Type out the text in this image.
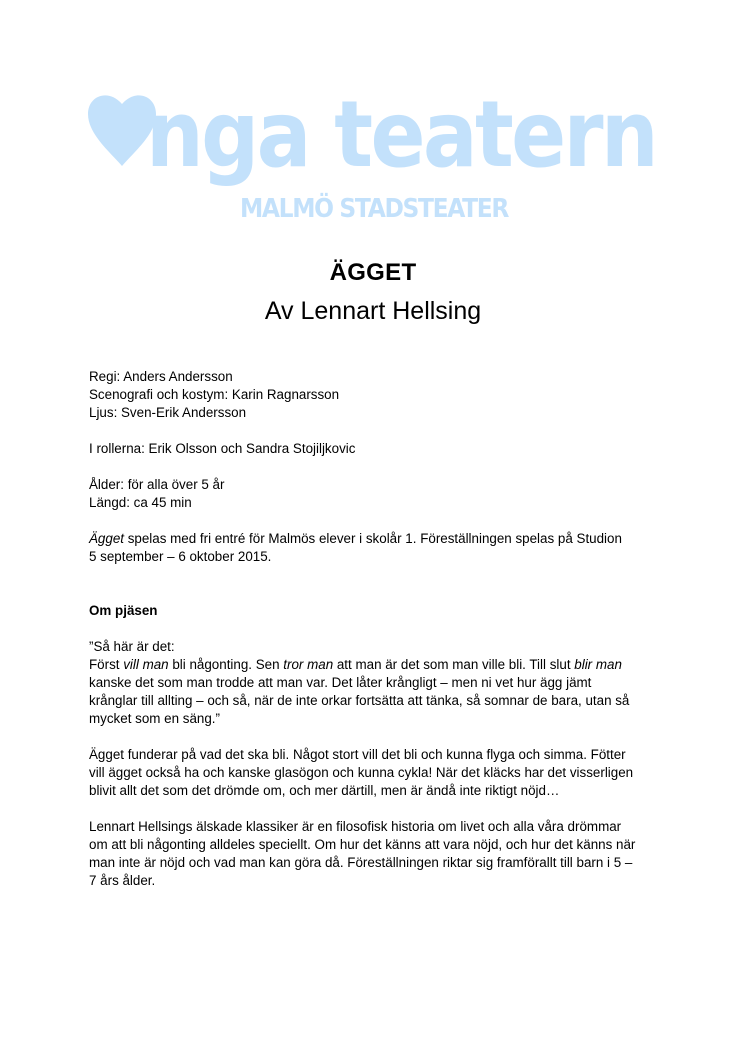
nga teatern
MALMÖ STADSTEATER
ÄGGET
Av Lennart Hellsing
Regi: Anders Andersson
Scenografi och kostym: Karin Ragnarsson
Ljus: Sven-Erik Andersson
I rollerna: Erik Olsson och Sandra Stojiljkovic
Ålder: för alla över 5 år
Längd: ca 45 min
Ägget spelas med fri entré för Malmös elever i skolår 1. Föreställningen spelas på Studion
5 september – 6 oktober 2015.
Om pjäsen
”Så här är det:
Först vill man bli någonting. Sen tror man att man är det som man ville bli. Till slut blir man
kanske det som man trodde att man var. Det låter krångligt – men ni vet hur ägg jämt
krånglar till allting – och så, när de inte orkar fortsätta att tänka, så somnar de bara, utan så
mycket som en säng.”
Ägget funderar på vad det ska bli. Något stort vill det bli och kunna flyga och simma. Fötter
vill ägget också ha och kanske glasögon och kunna cykla! När det kläcks har det visserligen
blivit allt det som det drömde om, och mer därtill, men är ändå inte riktigt nöjd…
Lennart Hellsings älskade klassiker är en filosofisk historia om livet och alla våra drömmar
om att bli någonting alldeles speciellt. Om hur det känns att vara nöjd, och hur det känns när
man inte är nöjd och vad man kan göra då. Föreställningen riktar sig framförallt till barn i 5 –
7 års ålder.
